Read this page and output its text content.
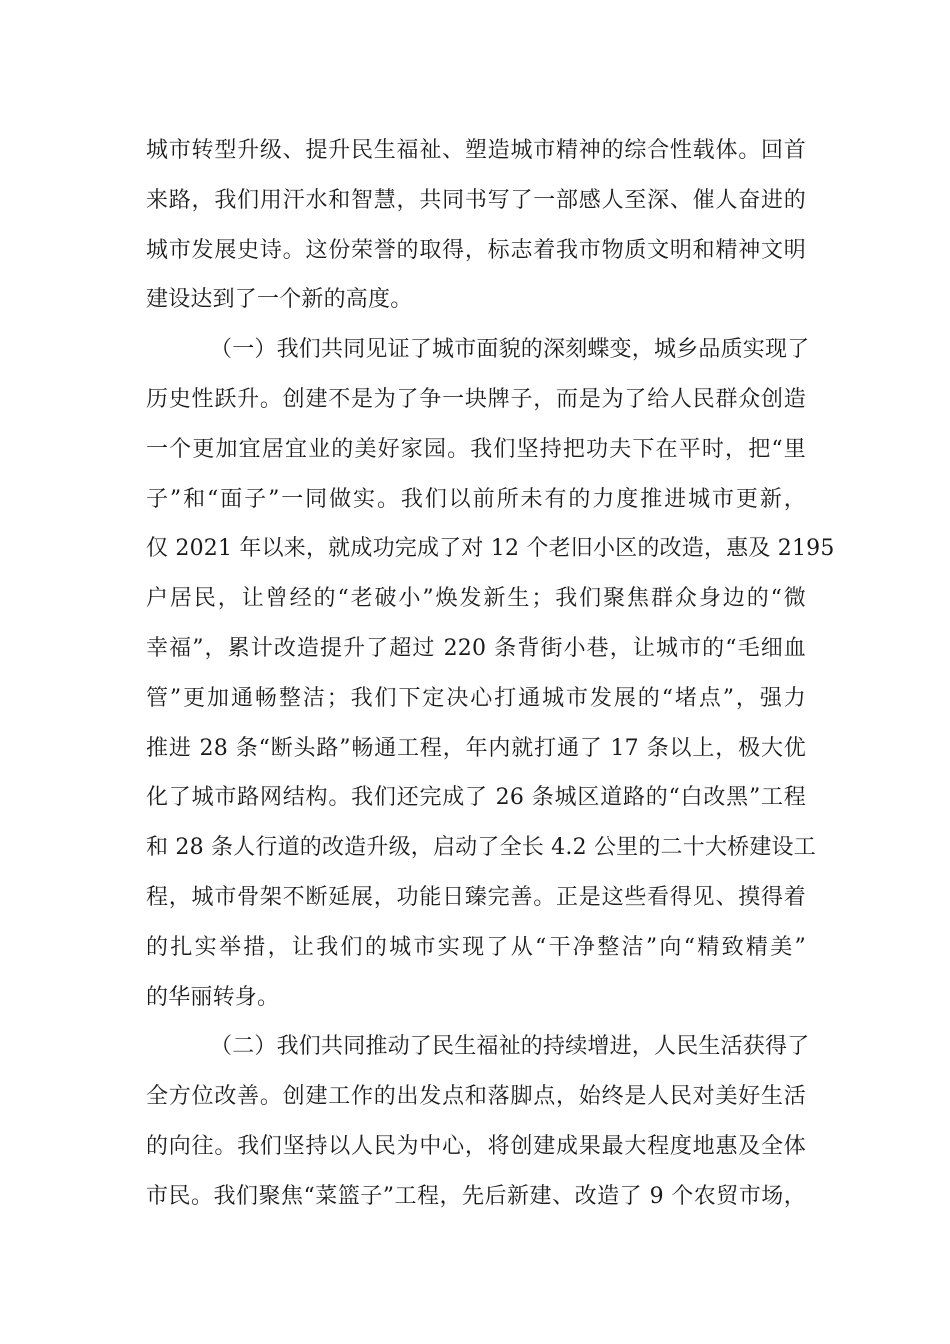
城市转型升级、提升民生福祉、塑造城市精神的综合性载体。回首
来路，我们用汗水和智慧，共同书写了一部感人至深、催人奋进的
城市发展史诗。这份荣誉的取得，标志着我市物质文明和精神文明
建设达到了一个新的高度。
（一）我们共同见证了城市面貌的深刻蝶变，城乡品质实现了
历史性跃升。创建不是为了争一块牌子，而是为了给人民群众创造
一个更加宜居宜业的美好家园。我们坚持把功夫下在平时，把“里
子”和“面子”一同做实。我们以前所未有的力度推进城市更新，
仅 2021 年以来，就成功完成了对 12 个老旧小区的改造，惠及 2195
户居民，让曾经的“老破小”焕发新生；我们聚焦群众身边的“微
幸福”，累计改造提升了超过 220 条背街小巷，让城市的“毛细血
管”更加通畅整洁；我们下定决心打通城市发展的“堵点”，强力
推进 28 条“断头路”畅通工程，年内就打通了 17 条以上，极大优
化了城市路网结构。我们还完成了 26 条城区道路的“白改黑”工程
和 28 条人行道的改造升级，启动了全长 4.2 公里的二十大桥建设工
程，城市骨架不断延展，功能日臻完善。正是这些看得见、摸得着
的扎实举措，让我们的城市实现了从“干净整洁”向“精致精美”
的华丽转身。
（二）我们共同推动了民生福祉的持续增进，人民生活获得了
全方位改善。创建工作的出发点和落脚点，始终是人民对美好生活
的向往。我们坚持以人民为中心，将创建成果最大程度地惠及全体
市民。我们聚焦“菜篮子”工程，先后新建、改造了 9 个农贸市场，
